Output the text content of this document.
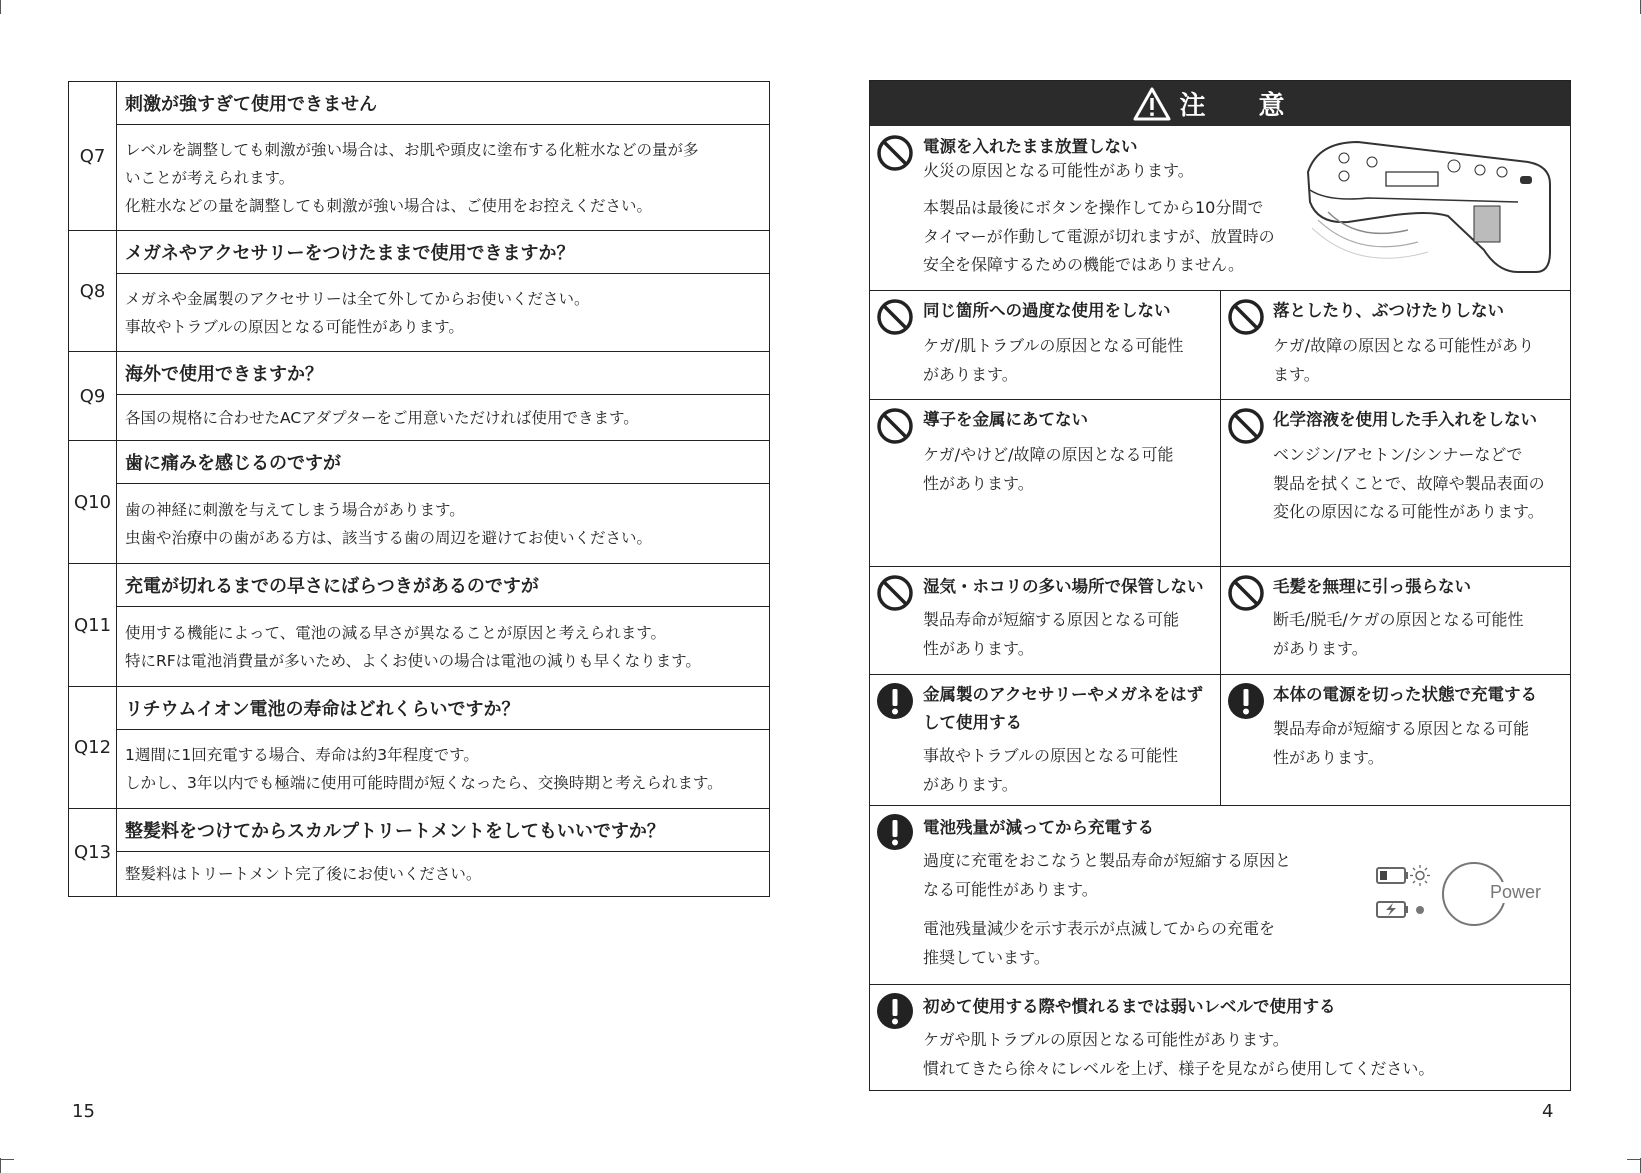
Q7	刺激が強すぎて使用できません

	レベルを調整しても刺激が強い場合は、お肌や頭皮に塗布する化粧水などの量が多
いことが考えられます。
化粧水などの量を調整しても刺激が強い場合は、ご使用をお控えください。

Q8	メガネやアクセサリーをつけたままで使用できますか？

	メガネや金属製のアクセサリーは全て外してからお使いください。
事故やトラブルの原因となる可能性があります。

Q9	海外で使用できますか？

	各国の規格に合わせたACアダプターをご用意いただければ使用できます。

Q10	歯に痛みを感じるのですが

	歯の神経に刺激を与えてしまう場合があります。
虫歯や治療中の歯がある方は、該当する歯の周辺を避けてお使いください。

Q11	充電が切れるまでの早さにばらつきがあるのですが

	使用する機能によって、電池の減る早さが異なることが原因と考えられます。
特にRFは電池消費量が多いため、よくお使いの場合は電池の減りも早くなります。

Q12	リチウムイオン電池の寿命はどれくらいですか？

	1週間に1回充電する場合、寿命は約3年程度です。
しかし、3年以内でも極端に使用可能時間が短くなったら、交換時期と考えられます。

Q13	整髪料をつけてからスカルプトリートメントをしてもいいですか？

	整髪料はトリートメント完了後にお使いください。
15
注 意
電源を入れたまま放置しない
火災の原因となる可能性があります。
本製品は最後にボタンを操作してから10分間で
タイマーが作動して電源が切れますが、放置時の
安全を保障するための機能ではありません。
同じ箇所への過度な使用をしない
ケガ/肌トラブルの原因となる可能性
があります。
落としたり、ぶつけたりしない
ケガ/故障の原因となる可能性があり
ます。
導子を金属にあてない
ケガ/やけど/故障の原因となる可能
性があります。
化学溶液を使用した手入れをしない
ベンジン/アセトン/シンナーなどで
製品を拭くことで、故障や製品表面の
変化の原因になる可能性があります。
湿気・ホコリの多い場所で保管しない
製品寿命が短縮する原因となる可能
性があります。
毛髪を無理に引っ張らない
断毛/脱毛/ケガの原因となる可能性
があります。
金属製のアクセサリーやメガネをはず
して使用する
事故やトラブルの原因となる可能性
があります。
本体の電源を切った状態で充電する
製品寿命が短縮する原因となる可能
性があります。
電池残量が減ってから充電する
過度に充電をおこなうと製品寿命が短縮する原因と
なる可能性があります。
電池残量減少を示す表示が点滅してからの充電を
推奨しています。
Power
初めて使用する際や慣れるまでは弱いレベルで使用する
ケガや肌トラブルの原因となる可能性があります。
慣れてきたら徐々にレベルを上げ、様子を見ながら使用してください。
4
